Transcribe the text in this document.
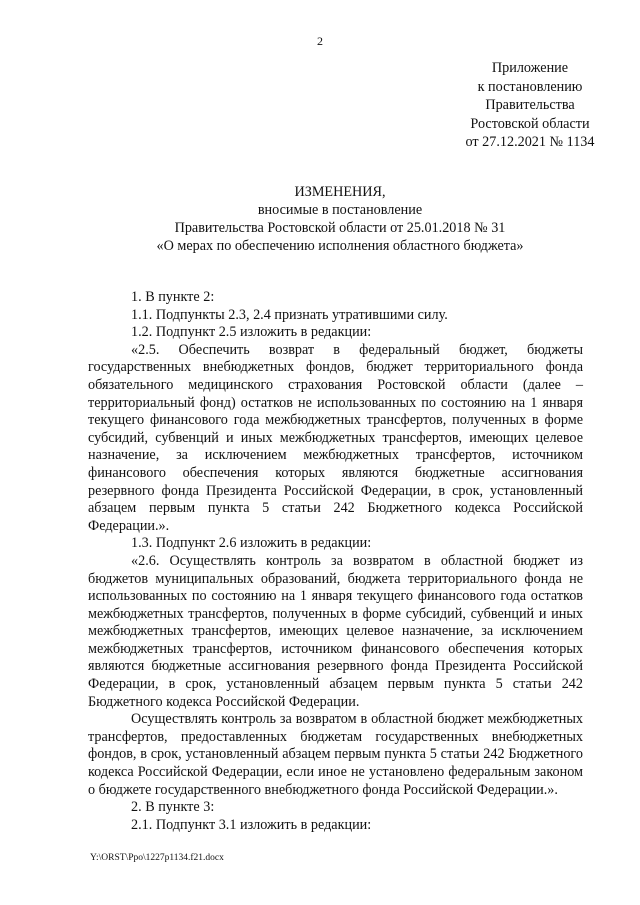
2
Приложение
к постановлению
Правительства
Ростовской области
от 27.12.2021 № 1134
ИЗМЕНЕНИЯ,
вносимые в постановление
Правительства Ростовской области от 25.01.2018 № 31
«О мерах по обеспечению исполнения областного бюджета»

1. В пункте 2:

1.1. Подпункты 2.3, 2.4 признать утратившими силу.

1.2. Подпункт 2.5 изложить в редакции:

«2.5. Обеспечить возврат в федеральный бюджет, бюджеты государственных внебюджетных фондов, бюджет территориального фонда обязательного медицинского страхования Ростовской области (далее – территориальный фонд) остатков не использованных по состоянию на 1 января текущего финансового года межбюджетных трансфертов, полученных в форме субсидий, субвенций и иных межбюджетных трансфертов, имеющих целевое назначение, за исключением межбюджетных трансфертов, источником финансового обеспечения которых являются бюджетные ассигнования резервного фонда Президента Российской Федерации, в срок, установленный абзацем первым пункта 5 статьи 242 Бюджетного кодекса Российской Федерации.».

1.3. Подпункт 2.6 изложить в редакции:

«2.6. Осуществлять контроль за возвратом в областной бюджет из бюджетов муниципальных образований, бюджета территориального фонда не использованных по состоянию на 1 января текущего финансового года остатков межбюджетных трансфертов, полученных в форме субсидий, субвенций и иных межбюджетных трансфертов, имеющих целевое назначение, за исключением межбюджетных трансфертов, источником финансового обеспечения которых являются бюджетные ассигнования резервного фонда Президента Российской Федерации, в срок, установленный абзацем первым пункта 5 статьи 242 Бюджетного кодекса Российской Федерации.

Осуществлять контроль за возвратом в областной бюджет межбюджетных трансфертов, предоставленных бюджетам государственных внебюджетных фондов, в срок, установленный абзацем первым пункта 5 статьи 242 Бюджетного кодекса Российской Федерации, если иное не установлено федеральным законом о бюджете государственного внебюджетного фонда Российской Федерации.».

2. В пункте 3:

2.1. Подпункт 3.1 изложить в редакции:

Y:\ORST\Ppo\1227p1134.f21.docx
